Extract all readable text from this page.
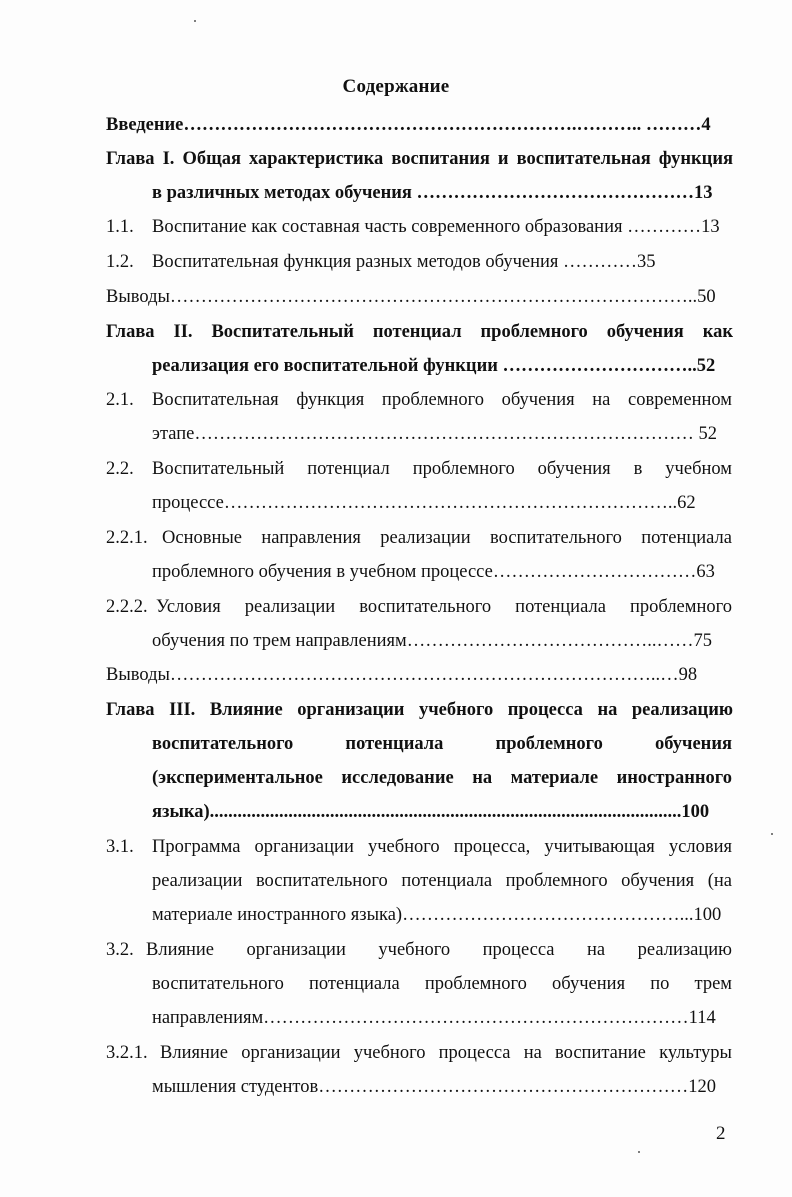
Содержание
Введение……………………………………………………….……….. ………4
Глава I. Общая характеристика воспитания и воспитательная функция
в различных методах обучения ………………………………………13
1.1. Воспитание как составная часть современного образования …………13
1.2. Воспитательная функция разных методов обучения …………35
Выводы…………………………………………………………………………..50
Глава II. Воспитательный потенциал проблемного обучения как
реализация его воспитательной функции …………………………..52
2.1. Воспитательная функция проблемного обучения на современном
этапе……………………………………………………………………… 52
2.2. Воспитательный потенциал проблемного обучения в учебном
процессе………………………………………………………………..62
2.2.1. Основные направления реализации воспитательного потенциала
проблемного обучения в учебном процессе……………………………63
2.2.2. Условия реализации воспитательного потенциала проблемного
обучения по трем направлениям…………………………………..……75
Выводы……………………………………………………………………..…98
Глава III. Влияние организации учебного процесса на реализацию
воспитательного потенциала проблемного обучения
(экспериментальное исследование на материале иностранного
языка)......................................................................................................100
3.1. Программа организации учебного процесса, учитывающая условия
реализации воспитательного потенциала проблемного обучения (на
материале иностранного языка)………………………………………...100
3.2. Влияние организации учебного процесса на реализацию
воспитательного потенциала проблемного обучения по трем
направлениям……………………………………………………………114
3.2.1. Влияние организации учебного процесса на воспитание культуры
мышления студентов……………………………………………………120
2
